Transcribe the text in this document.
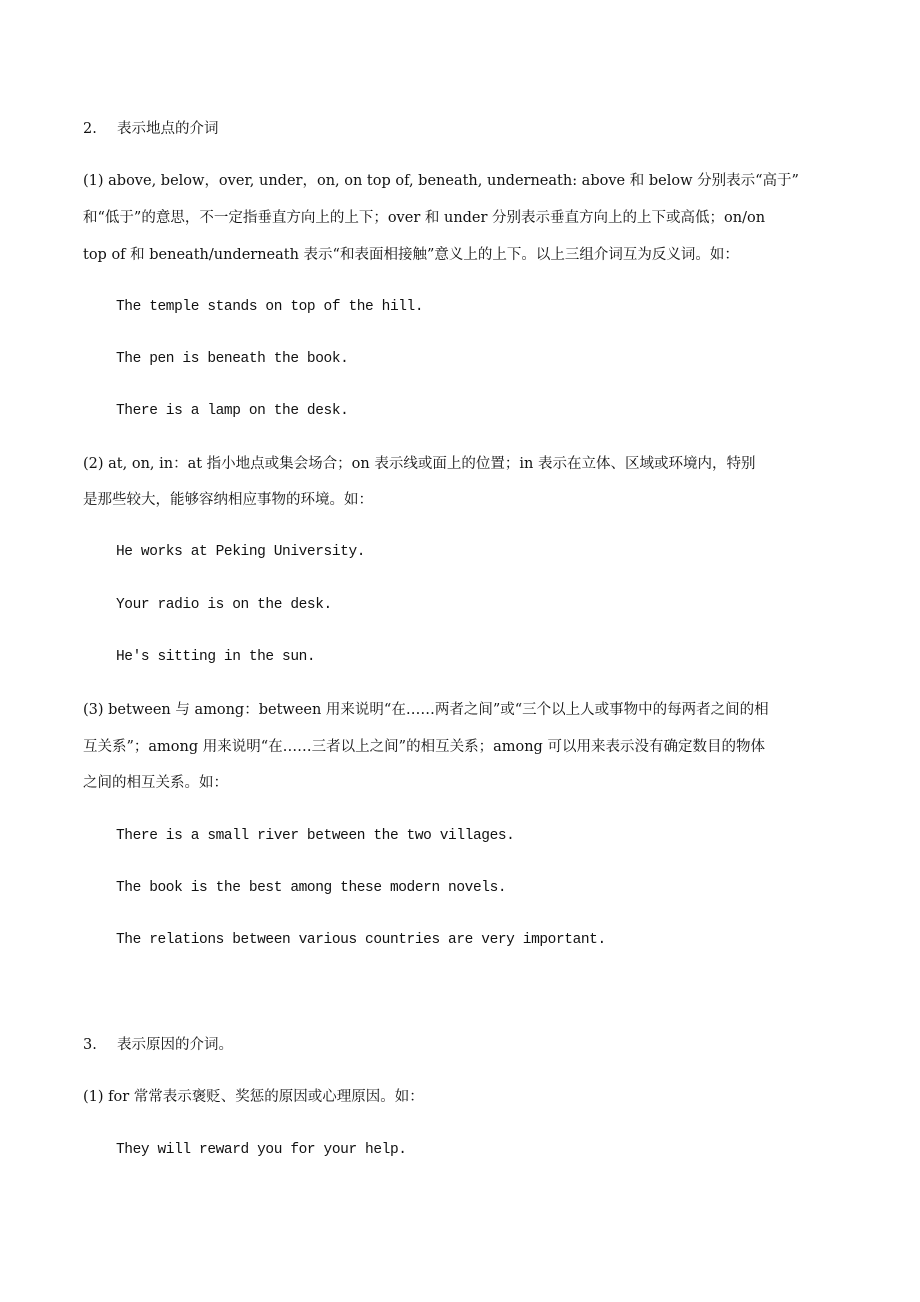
2. 表示地点的介词
(1) above, below，over, under，on, on top of, beneath, underneath: above 和 below 分别表示“高于”
和“低于”的意思，不一定指垂直方向上的上下；over 和 under 分别表示垂直方向上的上下或高低；on/on
top of 和 beneath/underneath 表示“和表面相接触”意义上的上下。以上三组介词互为反义词。如：
The temple stands on top of the hill.
The pen is beneath the book.
There is a lamp on the desk.
(2) at, on, in：at 指小地点或集会场合；on 表示线或面上的位置；in 表示在立体、区域或环境内，特别
是那些较大，能够容纳相应事物的环境。如：
He works at Peking University.
Your radio is on the desk.
He's sitting in the sun.
(3) between 与 among：between 用来说明“在……两者之间”或“三个以上人或事物中的每两者之间的相
互关系”；among 用来说明“在……三者以上之间”的相互关系；among 可以用来表示没有确定数目的物体
之间的相互关系。如：
There is a small river between the two villages.
The book is the best among these modern novels.
The relations between various countries are very important.
3. 表示原因的介词。
(1) for 常常表示褒贬、奖惩的原因或心理原因。如：
They will reward you for your help.
